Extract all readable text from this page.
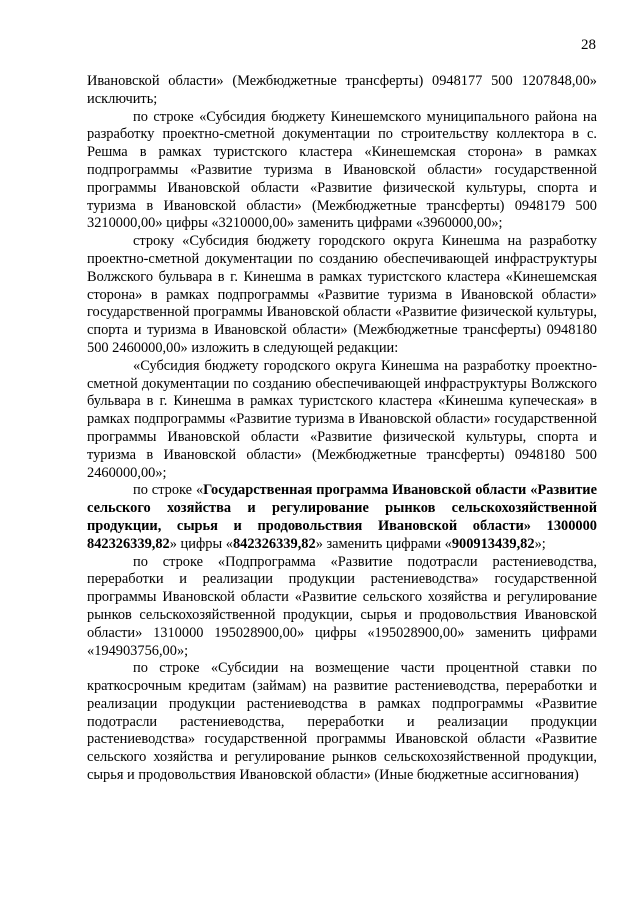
28

Ивановской области» (Межбюджетные трансферты) 0948177 500 1207848,00» исключить;

по строке «Субсидия бюджету Кинешемского муниципального района на разработку проектно-сметной документации по строительству коллектора в с. Решма в рамках туристского кластера «Кинешемская сторона» в рамках подпрограммы «Развитие туризма в Ивановской области» государственной программы Ивановской области «Развитие физической культуры, спорта и туризма в Ивановской области» (Межбюджетные трансферты) 0948179 500 3210000,00» цифры «3210000,00» заменить цифрами «3960000,00»;

строку «Субсидия бюджету городского округа Кинешма на разработку проектно-сметной документации по созданию обеспечивающей инфраструктуры Волжского бульвара в г. Кинешма в рамках туристского кластера «Кинешемская сторона» в рамках подпрограммы «Развитие туризма в Ивановской области» государственной программы Ивановской области «Развитие физической культуры, спорта и туризма в Ивановской области» (Межбюджетные трансферты) 0948180 500 2460000,00» изложить в следующей редакции:

«Субсидия бюджету городского округа Кинешма на разработку проектно-сметной документации по созданию обеспечивающей инфраструктуры Волжского бульвара в г. Кинешма в рамках туристского кластера «Кинешма купеческая» в рамках подпрограммы «Развитие туризма в Ивановской области» государственной программы Ивановской области «Развитие физической культуры, спорта и туризма в Ивановской области» (Межбюджетные трансферты) 0948180 500 2460000,00»;

по строке «Государственная программа Ивановской области «Развитие сельского хозяйства и регулирование рынков сельскохозяйственной продукции, сырья и продовольствия Ивановской области» 1300000 842326339,82» цифры «842326339,82» заменить цифрами «900913439,82»;

по строке «Подпрограмма «Развитие подотрасли растениеводства, переработки и реализации продукции растениеводства» государственной программы Ивановской области «Развитие сельского хозяйства и регулирование рынков сельскохозяйственной продукции, сырья и продовольствия Ивановской области» 1310000 195028900,00» цифры «195028900,00» заменить цифрами «194903756,00»;

по строке «Субсидии на возмещение части процентной ставки по краткосрочным кредитам (займам) на развитие растениеводства, переработки и реализации продукции растениеводства в рамках подпрограммы «Развитие подотрасли растениеводства, переработки и реализации продукции растениеводства» государственной программы Ивановской области «Развитие сельского хозяйства и регулирование рынков сельскохозяйственной продукции, сырья и продовольствия Ивановской области» (Иные бюджетные ассигнования)
